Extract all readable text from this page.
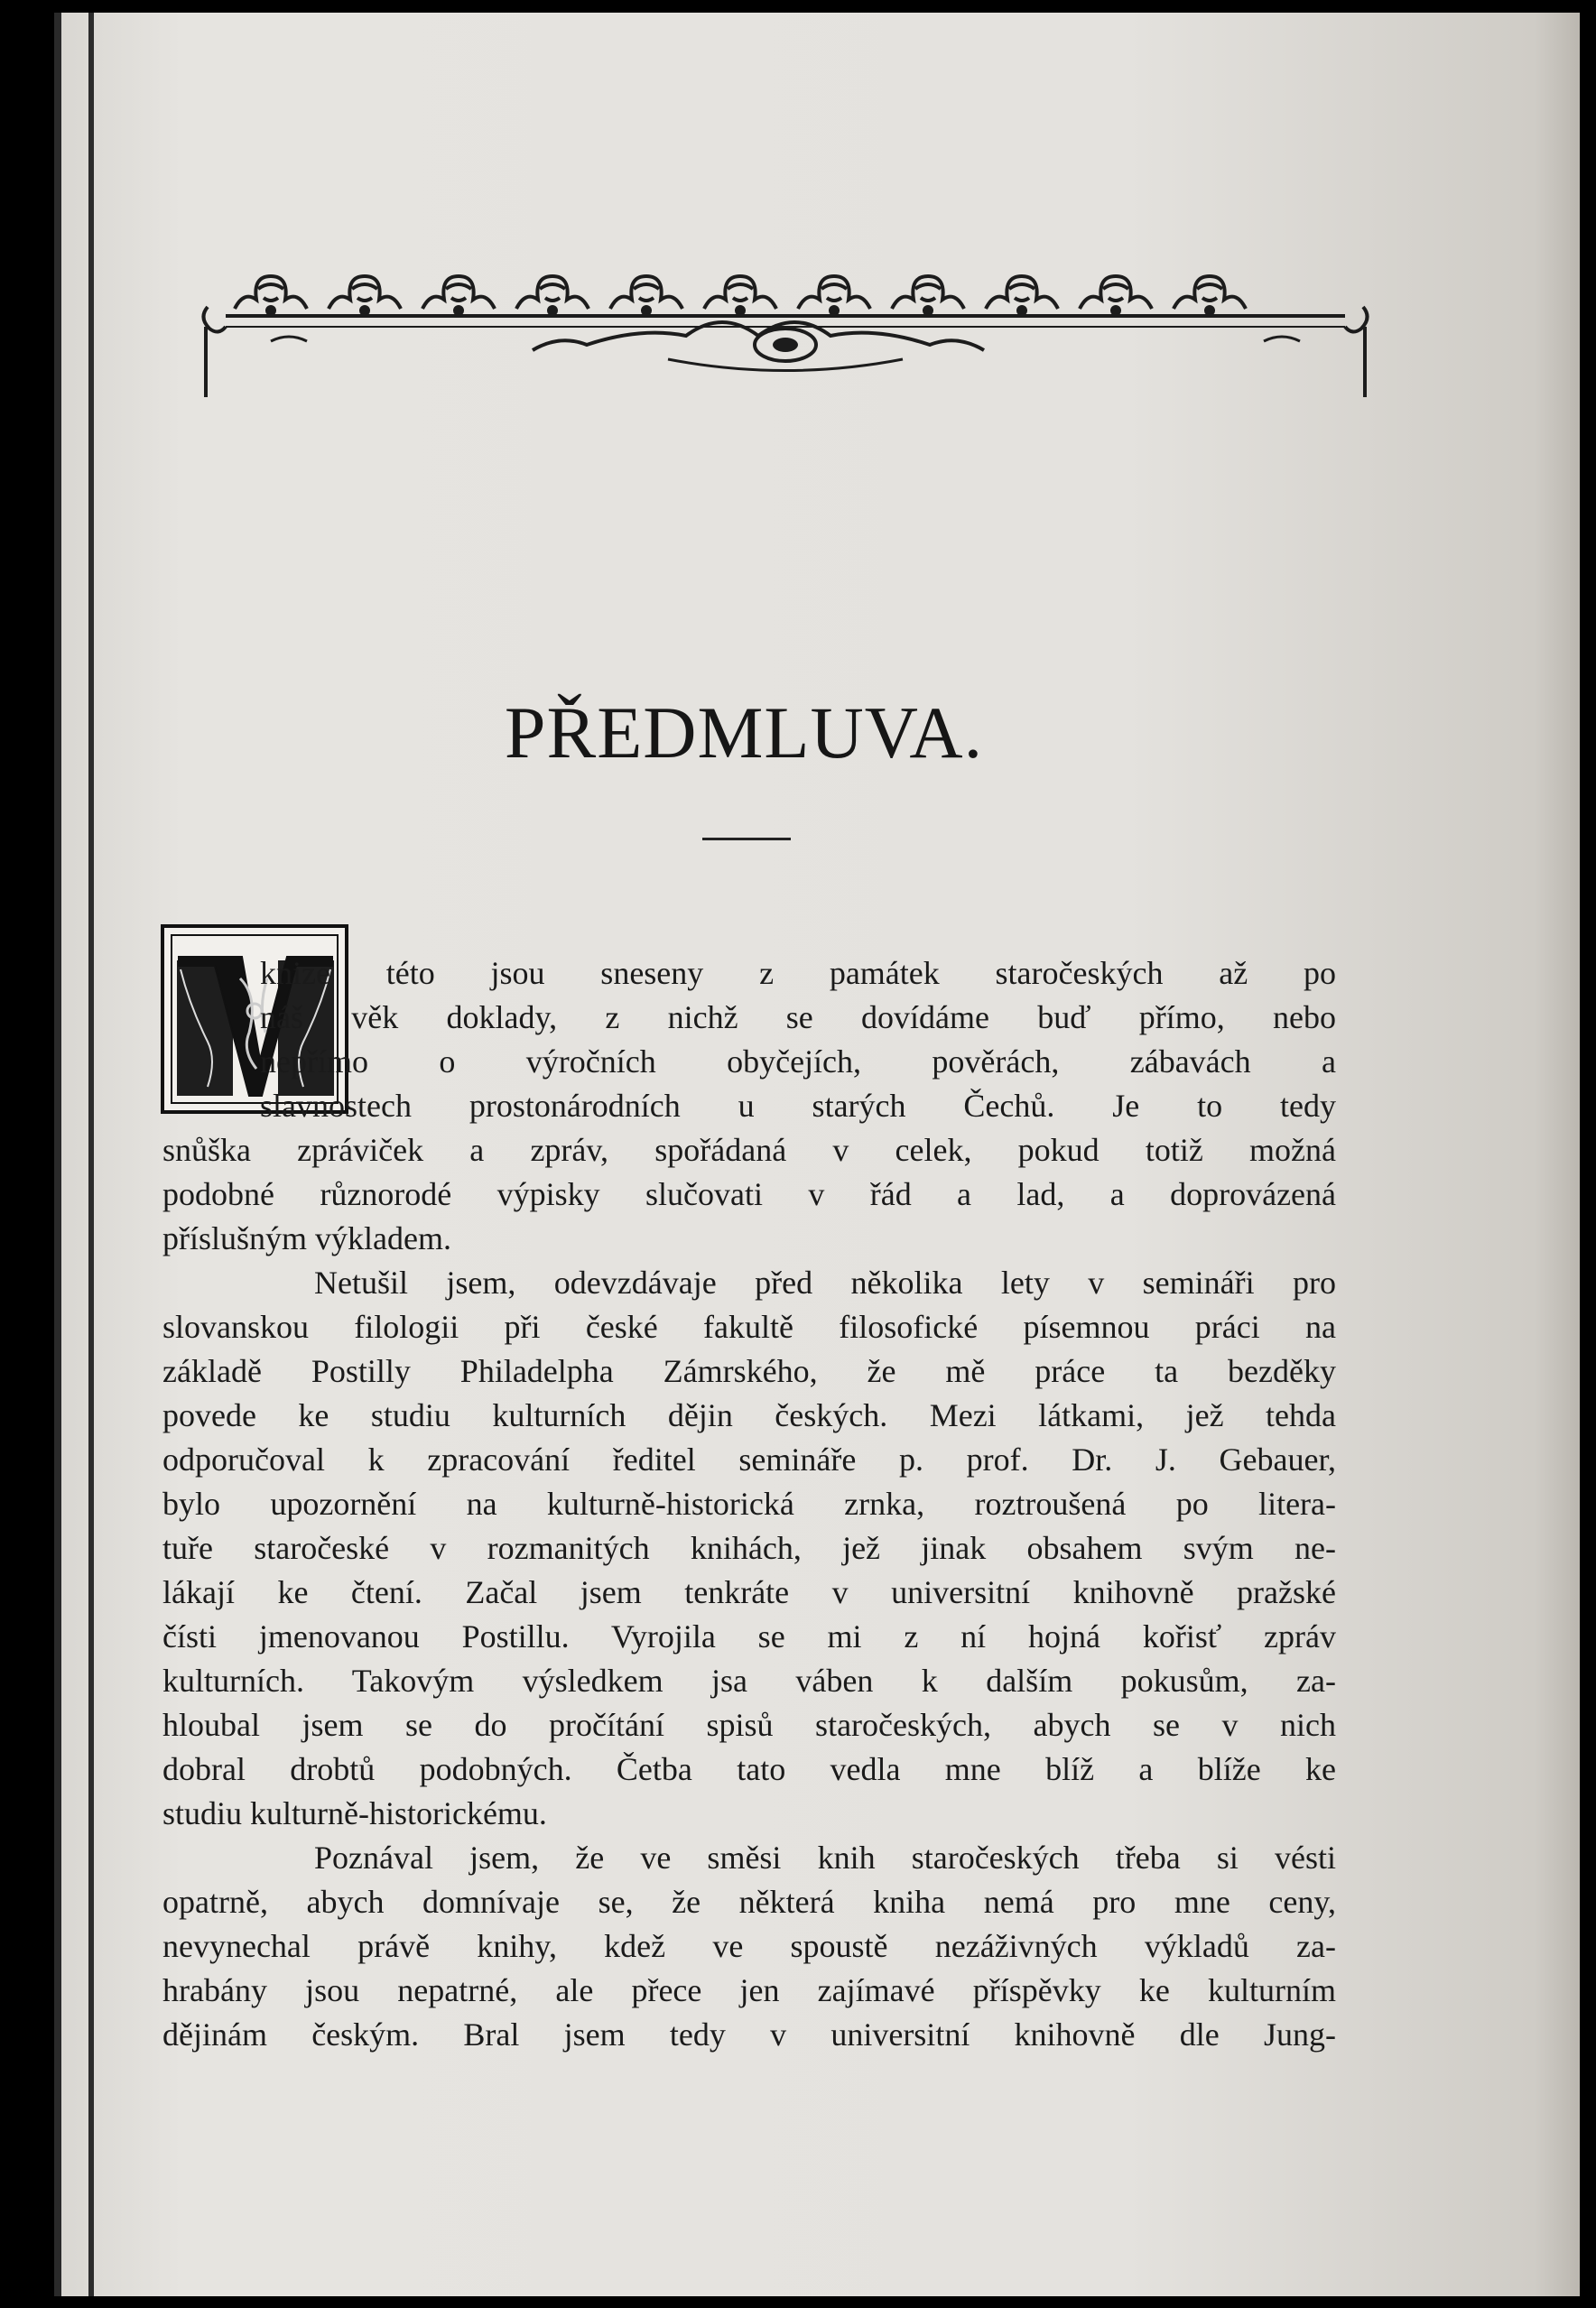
PŘEDMLUVA.
V
knize této jsou sneseny z památek staročeských až po
náš věk doklady, z nichž se dovídáme buď přímo, nebo
nepřímo o výročních obyčejích, pověrách, zábavách a
slavnostech prostonárodních u starých Čechů. Je to tedy
snůška zpráviček a zpráv, spořádaná v celek, pokud totiž možná
podobné různorodé výpisky slučovati v řád a lad, a doprovázená
příslušným výkladem.
Netušil jsem, odevzdávaje před několika lety v semináři pro
slovanskou filologii při české fakultě filosofické písemnou práci na
základě Postilly Philadelpha Zámrského, že mě práce ta bezděky
povede ke studiu kulturních dějin českých. Mezi látkami, jež tehda
odporučoval k zpracování ředitel semináře p. prof. Dr. J. Gebauer,
bylo upozornění na kulturně-historická zrnka, roztroušená po litera-
tuře staročeské v rozmanitých knihách, jež jinak obsahem svým ne-
lákají ke čtení. Začal jsem tenkráte v universitní knihovně pražské
čísti jmenovanou Postillu. Vyrojila se mi z ní hojná kořisť zpráv
kulturních. Takovým výsledkem jsa váben k dalším pokusům, za-
hloubal jsem se do pročítání spisů staročeských, abych se v nich
dobral drobtů podobných. Četba tato vedla mne blíž a blíže ke
studiu kulturně-historickému.
Poznával jsem, že ve směsi knih staročeských třeba si vésti
opatrně, abych domnívaje se, že některá kniha nemá pro mne ceny,
nevynechal právě knihy, kdež ve spoustě nezáživných výkladů za-
hrabány jsou nepatrné, ale přece jen zajímavé příspěvky ke kulturním
dějinám českým. Bral jsem tedy v universitní knihovně dle Jung-
